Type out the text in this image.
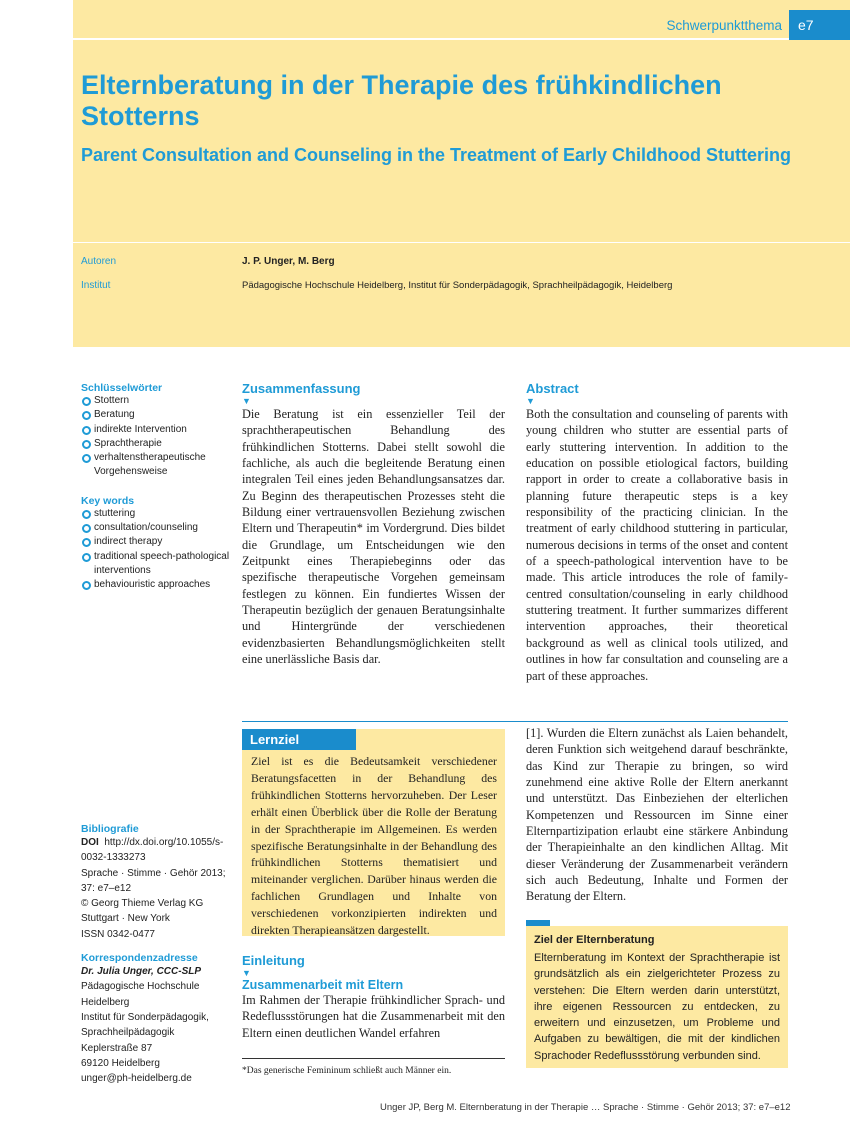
Schwerpunktthema	e7
Elternberatung in der Therapie des frühkindlichen Stotterns
Parent Consultation and Counseling in the Treatment of Early Childhood Stuttering
Autoren	J. P. Unger, M. Berg
Institut	Pädagogische Hochschule Heidelberg, Institut für Sonderpädagogik, Sprachheilpädagogik, Heidelberg
Schlüsselwörter
Stottern
Beratung
indirekte Intervention
Sprachtherapie
verhaltenstherapeutische Vorgehensweise
Key words
stuttering
consultation/counseling
indirect therapy
traditional speech-pathological interventions
behaviouristic approaches
Bibliografie
DOI http://dx.doi.org/10.1055/s-0032-1333273
Sprache · Stimme · Gehör 2013; 37: e7–e12
© Georg Thieme Verlag KG Stuttgart · New York
ISSN 0342-0477
Korrespondenzadresse
Dr. Julia Unger, CCC-SLP
Pädagogische Hochschule Heidelberg
Institut für Sonderpädagogik, Sprachheilpädagogik
Keplerstraße 87
69120 Heidelberg
unger@ph-heidelberg.de
Zusammenfassung
▼
Die Beratung ist ein essenzieller Teil der sprachtherapeutischen Behandlung des frühkindlichen Stotterns. Dabei stellt sowohl die fachliche, als auch die begleitende Beratung einen integralen Teil eines jeden Behandlungsansatzes dar. Zu Beginn des therapeutischen Prozesses steht die Bildung einer vertrauensvollen Beziehung zwischen Eltern und Therapeutin* im Vordergrund. Dies bildet die Grundlage, um Entscheidungen wie den Zeitpunkt eines Therapiebeginns oder das spezifische therapeutische Vorgehen gemeinsam festlegen zu können. Ein fundiertes Wissen der Therapeutin bezüglich der genauen Beratungsinhalte und Hintergründe der verschiedenen evidenzbasierten Behandlungsmöglichkeiten stellt eine unerlässliche Basis dar.
Abstract
▼
Both the consultation and counseling of parents with young children who stutter are essential parts of early stuttering intervention. In addition to the education on possible etiological factors, building rapport in order to create a collaborative basis in planning future therapeutic steps is a key responsibility of the practicing clinician. In the treatment of early childhood stuttering in particular, numerous decisions in terms of the onset and content of a speech-pathological intervention have to be made. This article introduces the role of family-centred consultation/counseling in early childhood stuttering treatment. It further summarizes different intervention approaches, their theoretical background as well as clinical tools utilized, and outlines in how far consultation and counseling are a part of these approaches.
Lernziel
Ziel ist es die Bedeutsamkeit verschiedener Beratungsfacetten in der Behandlung des frühkindlichen Stotterns hervorzuheben. Der Leser erhält einen Überblick über die Rolle der Beratung in der Sprachtherapie im Allgemeinen. Es werden spezifische Beratungsinhalte in der Behandlung des frühkindlichen Stotterns thematisiert und miteinander verglichen. Darüber hinaus werden die fachlichen Grundlagen und Inhalte von verschiedenen vorkonzipierten indirekten und direkten Therapieansätzen dargestellt.
Einleitung
▼
Zusammenarbeit mit Eltern
Im Rahmen der Therapie frühkindlicher Sprach- und Redeflussstörungen hat die Zusammenarbeit mit den Eltern einen deutlichen Wandel erfahren
[1]. Wurden die Eltern zunächst als Laien behandelt, deren Funktion sich weitgehend darauf beschränkte, das Kind zur Therapie zu bringen, so wird zunehmend eine aktive Rolle der Eltern anerkannt und unterstützt. Das Einbeziehen der elterlichen Kompetenzen und Ressourcen im Sinne einer Elternpartizipation erlaubt eine stärkere Anbindung der Therapieinhalte an den kindlichen Alltag. Mit dieser Veränderung der Zusammenarbeit verändern sich auch Bedeutung, Inhalte und Formen der Beratung der Eltern.
Ziel der Elternberatung
Elternberatung im Kontext der Sprachtherapie ist grundsätzlich als ein zielgerichteter Prozess zu verstehen: Die Eltern werden darin unterstützt, ihre eigenen Ressourcen zu entdecken, zu erweitern und einzusetzen, um Probleme und Aufgaben zu bewältigen, die mit der kindlichen Sprachoder Redeflussstörung verbunden sind.
*Das generische Femininum schließt auch Männer ein.
Unger JP, Berg M. Elternberatung in der Therapie … Sprache · Stimme · Gehör 2013; 37: e7–e12
